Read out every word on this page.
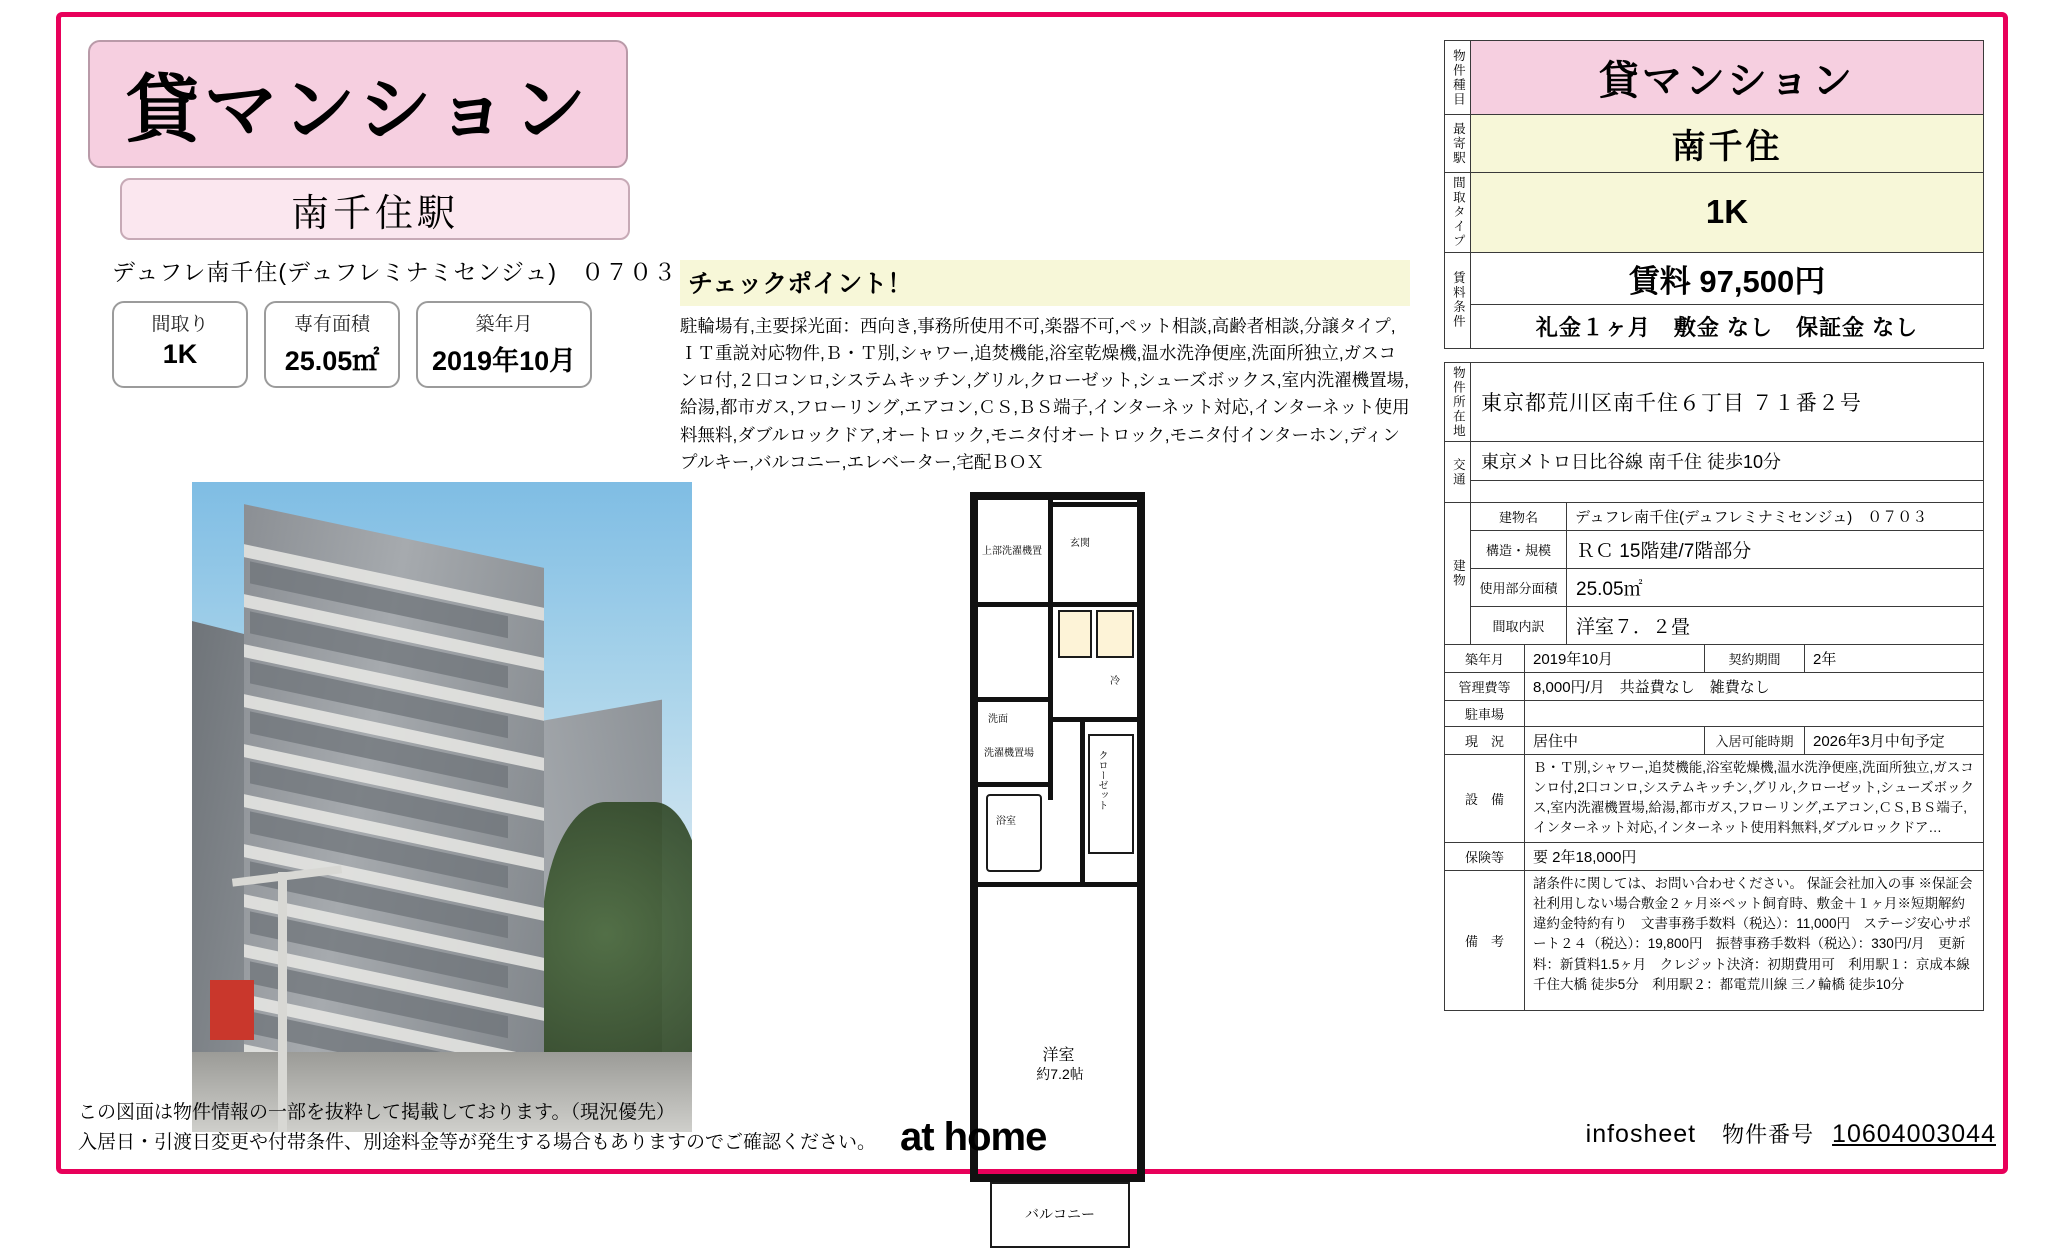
貸マンション
南千住駅
デュフレ南千住(デュフレミナミセンジュ)　０７０３
間取り
1K
専有面積
25.05㎡
築年月
2019年10月
チェックポイント！
駐輪場有,主要採光面：西向き,事務所使用不可,楽器不可,ペット相談,高齢者相談,分譲タイプ,ＩＴ重説対応物件,Ｂ・Ｔ別,シャワー,追焚機能,浴室乾燥機,温水洗浄便座,洗面所独立,ガスコンロ付,２口コンロ,システムキッチン,グリル,クローゼット,シューズボックス,室内洗濯機置場,給湯,都市ガス,フローリング,エアコン,ＣＳ,ＢＳ端子,インターネット対応,インターネット使用料無料,ダブルロックドア,オートロック,モニタ付オートロック,モニタ付インターホン,ディンプルキー,バルコニー,エレベーター,宅配ＢＯＸ
洋室
約7.2帖
バルコニー
上部洗濯機置
洗面
洗濯機置場
冷
浴室
クローゼット
玄関
物件種目	貸マンション
最寄駅	南千住
間取タイプ	1K
賃料条件	賃料 97,500円
	礼金１ヶ月　敷金 なし　保証金 なし
物件所在地	東京都荒川区南千住６丁目 ７１番２号	
交通	東京メトロ日比谷線 南千住 徒歩10分	

建物	建物名	デュフレ南千住(デュフレミナミセンジュ)　０７０３
	構造・規模	ＲＣ 15階建/7階部分
	使用部分面積	25.05㎡
	間取内訳	洋室７．２畳
築年月	2019年10月	契約期間	2年
管理費等	8,000円/月　共益費なし　雑費なし		
駐車場			
現　況	居住中	入居可能時期	2026年3月中旬予定
設　備	Ｂ・Ｔ別,シャワー,追焚機能,浴室乾燥機,温水洗浄便座,洗面所独立,ガスコンロ付,2口コンロ,システムキッチン,グリル,クローゼット,シューズボックス,室内洗濯機置場,給湯,都市ガス,フローリング,エアコン,ＣＳ,ＢＳ端子,インターネット対応,インターネット使用料無料,ダブルロックドア…		
保険等	要 2年18,000円		
備　考	諸条件に関しては、お問い合わせください。 保証会社加入の事 ※保証会社利用しない場合敷金２ヶ月※ペット飼育時、敷金＋１ヶ月※短期解約違約金特約有り　文書事務手数料（税込）：11,000円　ステージ安心サポート２４（税込）：19,800円　振替事務手数料（税込）：330円/月　更新料：新賃料1.5ヶ月　クレジット決済：初期費用可　利用駅１：京成本線 千住大橋 徒歩5分　利用駅２：都電荒川線 三ノ輪橋 徒歩10分		
この図面は物件情報の一部を抜粋して掲載しております。（現況優先）
入居日・引渡日変更や付帯条件、別途料金等が発生する場合もありますのでご確認ください。 at home	infosheet 物件番号 10604003044
